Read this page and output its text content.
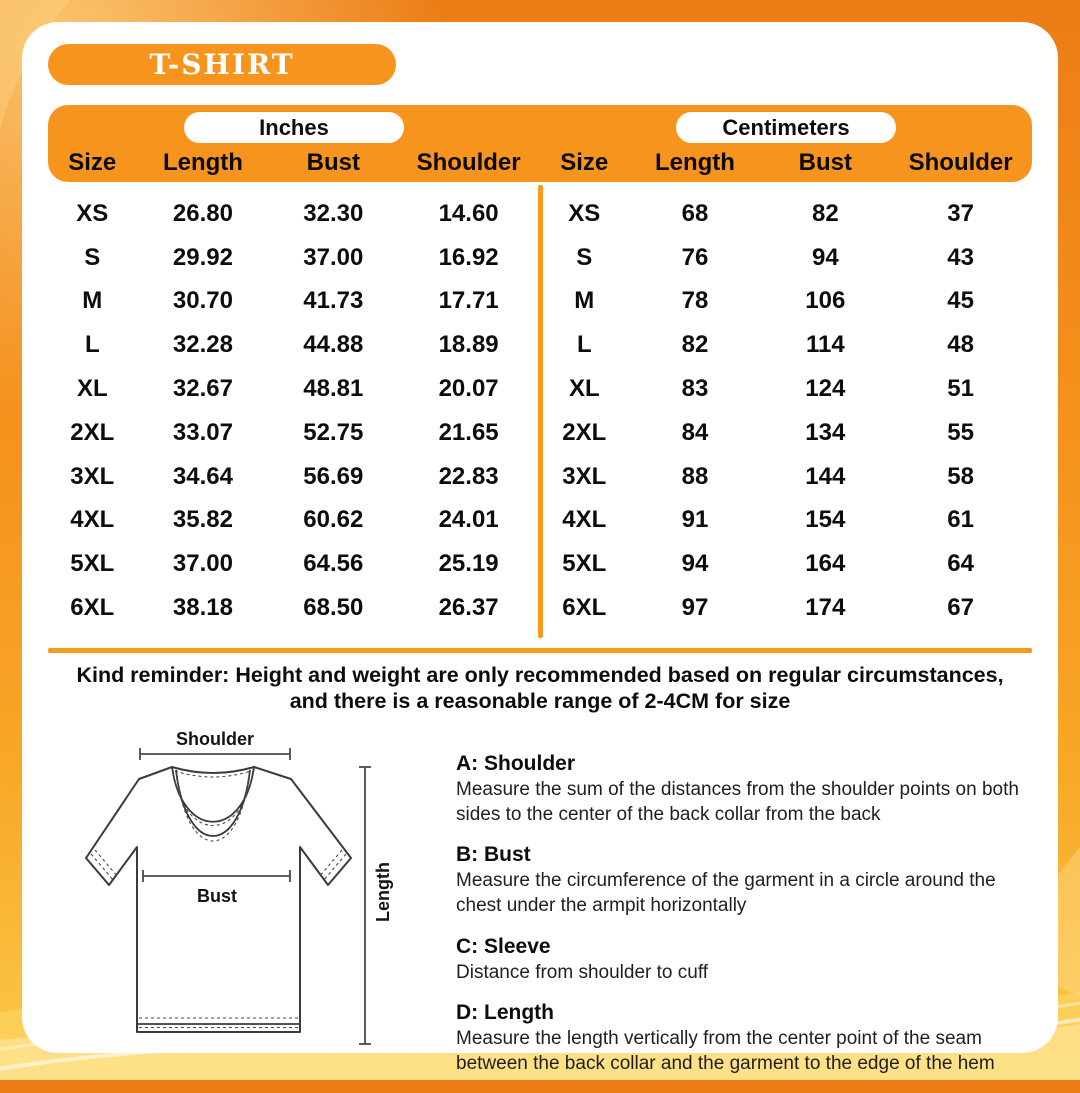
T-SHIRT
Inches
Size	Length	Bust	Shoulder
Centimeters
Size	Length	Bust	Shoulder
XS	26.80	32.30	14.60
S	29.92	37.00	16.92
M	30.70	41.73	17.71
L	32.28	44.88	18.89
XL	32.67	48.81	20.07
2XL	33.07	52.75	21.65
3XL	34.64	56.69	22.83
4XL	35.82	60.62	24.01
5XL	37.00	64.56	25.19
6XL	38.18	68.50	26.37
XS	68	82	37
S	76	94	43
M	78	106	45
L	82	114	48
XL	83	124	51
2XL	84	134	55
3XL	88	144	58
4XL	91	154	61
5XL	94	164	64
6XL	97	174	67
Kind reminder: Height and weight are only recommended based on regular circumstances,
and there is a reasonable range of 2-4CM for size
Shoulder
Bust	Length
A: Shoulder
Measure the sum of the distances from the shoulder points on both sides to the center of the back collar from the back
B: Bust
Measure the circumference of the garment in a circle around the chest under the armpit horizontally
C: Sleeve
Distance from shoulder to cuff
D: Length
Measure the length vertically from the center point of the seam between the back collar and the garment to the edge of the hem
